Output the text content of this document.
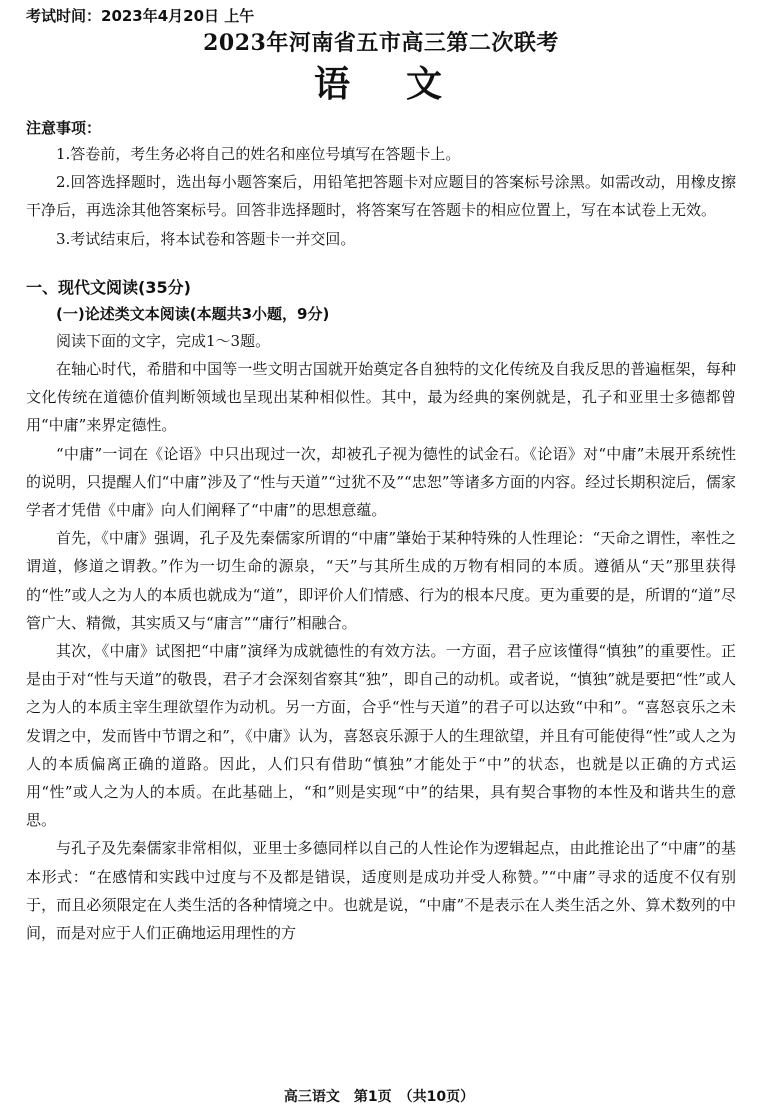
考试时间：2023年4月20日 上午
2023年河南省五市高三第二次联考
语文
注意事项：

1.答卷前，考生务必将自己的姓名和座位号填写在答题卡上。

2.回答选择题时，选出每小题答案后，用铅笔把答题卡对应题目的答案标号涂黑。如需改动，用橡皮擦干净后，再选涂其他答案标号。回答非选择题时，将答案写在答题卡的相应位置上，写在本试卷上无效。

3.考试结束后，将本试卷和答题卡一并交回。

一、现代文阅读(35分)
(一)论述类文本阅读(本题共3小题，9分)

阅读下面的文字，完成1～3题。

在轴心时代，希腊和中国等一些文明古国就开始奠定各自独特的文化传统及自我反思的普遍框架，每种文化传统在道德价值判断领域也呈现出某种相似性。其中，最为经典的案例就是，孔子和亚里士多德都曾用“中庸”来界定德性。

“中庸”一词在《论语》中只出现过一次，却被孔子视为德性的试金石。《论语》对“中庸”未展开系统性的说明，只提醒人们“中庸”涉及了“性与天道”“过犹不及”“忠恕”等诸多方面的内容。经过长期积淀后，儒家学者才凭借《中庸》向人们阐释了“中庸”的思想意蕴。

首先，《中庸》强调，孔子及先秦儒家所谓的“中庸”肇始于某种特殊的人性理论：“天命之谓性，率性之谓道，修道之谓教。”作为一切生命的源泉，“天”与其所生成的万物有相同的本质。遵循从“天”那里获得的“性”或人之为人的本质也就成为“道”，即评价人们情感、行为的根本尺度。更为重要的是，所谓的“道”尽管广大、精微，其实质又与“庸言”“庸行”相融合。

其次，《中庸》试图把“中庸”演绎为成就德性的有效方法。一方面，君子应该懂得“慎独”的重要性。正是由于对“性与天道”的敬畏，君子才会深刻省察其“独”，即自己的动机。或者说，“慎独”就是要把“性”或人之为人的本质主宰生理欲望作为动机。另一方面，合乎“性与天道”的君子可以达致“中和”。“喜怒哀乐之未发谓之中，发而皆中节谓之和”，《中庸》认为，喜怒哀乐源于人的生理欲望，并且有可能使得“性”或人之为人的本质偏离正确的道路。因此，人们只有借助“慎独”才能处于“中”的状态，也就是以正确的方式运用“性”或人之为人的本质。在此基础上，“和”则是实现“中”的结果，具有契合事物的本性及和谐共生的意思。

与孔子及先秦儒家非常相似，亚里士多德同样以自己的人性论作为逻辑起点，由此推论出了“中庸”的基本形式：“在感情和实践中过度与不及都是错误，适度则是成功并受人称赞。”“中庸”寻求的适度不仅有别于，而且必须限定在人类生活的各种情境之中。也就是说，“中庸”不是表示在人类生活之外、算术数列的中间，而是对应于人们正确地运用理性的方

高三语文　第1页　（共10页）
